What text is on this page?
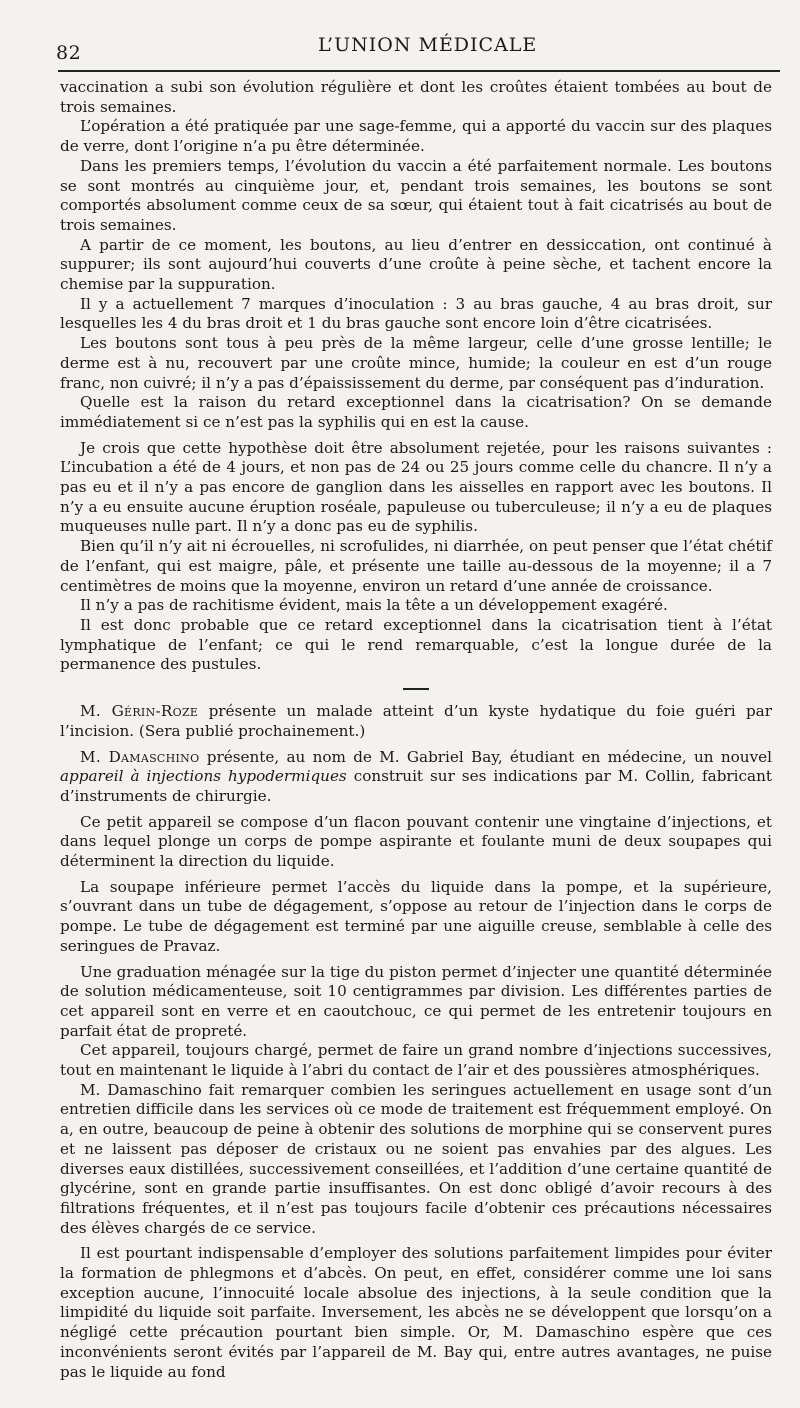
82	L’UNION MÉDICALE

vaccination a subi son évolution régulière et dont les croûtes étaient tombées au bout de trois semaines.

L’opération a été pratiquée par une sage-femme, qui a apporté du vaccin sur des plaques de verre, dont l’origine n’a pu être déterminée.

Dans les premiers temps, l’évolution du vaccin a été parfaitement normale. Les boutons se sont montrés au cinquième jour, et, pendant trois semaines, les boutons se sont comportés absolument comme ceux de sa sœur, qui étaient tout à fait cicatrisés au bout de trois semaines.

A partir de ce moment, les boutons, au lieu d’entrer en dessiccation, ont continué à suppurer; ils sont aujourd’hui couverts d’une croûte à peine sèche, et tachent encore la chemise par la suppuration.

Il y a actuellement 7 marques d’inoculation : 3 au bras gauche, 4 au bras droit, sur lesquelles les 4 du bras droit et 1 du bras gauche sont encore loin d’être cicatrisées.

Les boutons sont tous à peu près de la même largeur, celle d’une grosse lentille; le derme est à nu, recouvert par une croûte mince, humide; la couleur en est d’un rouge franc, non cuivré; il n’y a pas d’épaississement du derme, par conséquent pas d’induration.

Quelle est la raison du retard exceptionnel dans la cicatrisation? On se demande immédiatement si ce n’est pas la syphilis qui en est la cause.

Je crois que cette hypothèse doit être absolument rejetée, pour les raisons suivantes : L’incubation a été de 4 jours, et non pas de 24 ou 25 jours comme celle du chancre. Il n’y a pas eu et il n’y a pas encore de ganglion dans les aisselles en rapport avec les boutons. Il n’y a eu ensuite aucune éruption roséale, papuleuse ou tuberculeuse; il n’y a eu de plaques muqueuses nulle part. Il n’y a donc pas eu de syphilis.

Bien qu’il n’y ait ni écrouelles, ni scrofulides, ni diarrhée, on peut penser que l’état chétif de l’enfant, qui est maigre, pâle, et présente une taille au-dessous de la moyenne; il a 7 centimètres de moins que la moyenne, environ un retard d’une année de croissance.

Il n’y a pas de rachitisme évident, mais la tête a un développement exagéré.

Il est donc probable que ce retard exceptionnel dans la cicatrisation tient à l’état lymphatique de l’enfant; ce qui le rend remarquable, c’est la longue durée de la permanence des pustules.

M. Gérin-Roze présente un malade atteint d’un kyste hydatique du foie guéri par l’incision. (Sera publié prochainement.)

M. Damaschino présente, au nom de M. Gabriel Bay, étudiant en médecine, un nouvel appareil à injections hypodermiques construit sur ses indications par M. Collin, fabricant d’instruments de chirurgie.

Ce petit appareil se compose d’un flacon pouvant contenir une vingtaine d’injections, et dans lequel plonge un corps de pompe aspirante et foulante muni de deux soupapes qui déterminent la direction du liquide.

La soupape inférieure permet l’accès du liquide dans la pompe, et la supérieure, s’ouvrant dans un tube de dégagement, s’oppose au retour de l’injection dans le corps de pompe. Le tube de dégagement est terminé par une aiguille creuse, semblable à celle des seringues de Pravaz.

Une graduation ménagée sur la tige du piston permet d’injecter une quantité déterminée de solution médicamenteuse, soit 10 centigrammes par division. Les différentes parties de cet appareil sont en verre et en caoutchouc, ce qui permet de les entretenir toujours en parfait état de propreté.

Cet appareil, toujours chargé, permet de faire un grand nombre d’injections successives, tout en maintenant le liquide à l’abri du contact de l’air et des poussières atmosphériques.

M. Damaschino fait remarquer combien les seringues actuellement en usage sont d’un entretien difficile dans les services où ce mode de traitement est fréquemment employé. On a, en outre, beaucoup de peine à obtenir des solutions de morphine qui se conservent pures et ne laissent pas déposer de cristaux ou ne soient pas envahies par des algues. Les diverses eaux distillées, successivement conseillées, et l’addition d’une certaine quantité de glycérine, sont en grande partie insuffisantes. On est donc obligé d’avoir recours à des filtrations fréquentes, et il n’est pas toujours facile d’obtenir ces précautions nécessaires des élèves chargés de ce service.

Il est pourtant indispensable d’employer des solutions parfaitement limpides pour éviter la formation de phlegmons et d’abcès. On peut, en effet, considérer comme une loi sans exception aucune, l’innocuité locale absolue des injections, à la seule condition que la limpidité du liquide soit parfaite. Inversement, les abcès ne se développent que lorsqu’on a négligé cette précaution pourtant bien simple. Or, M. Damaschino espère que ces inconvénients seront évités par l’appareil de M. Bay qui, entre autres avantages, ne puise pas le liquide au fond
